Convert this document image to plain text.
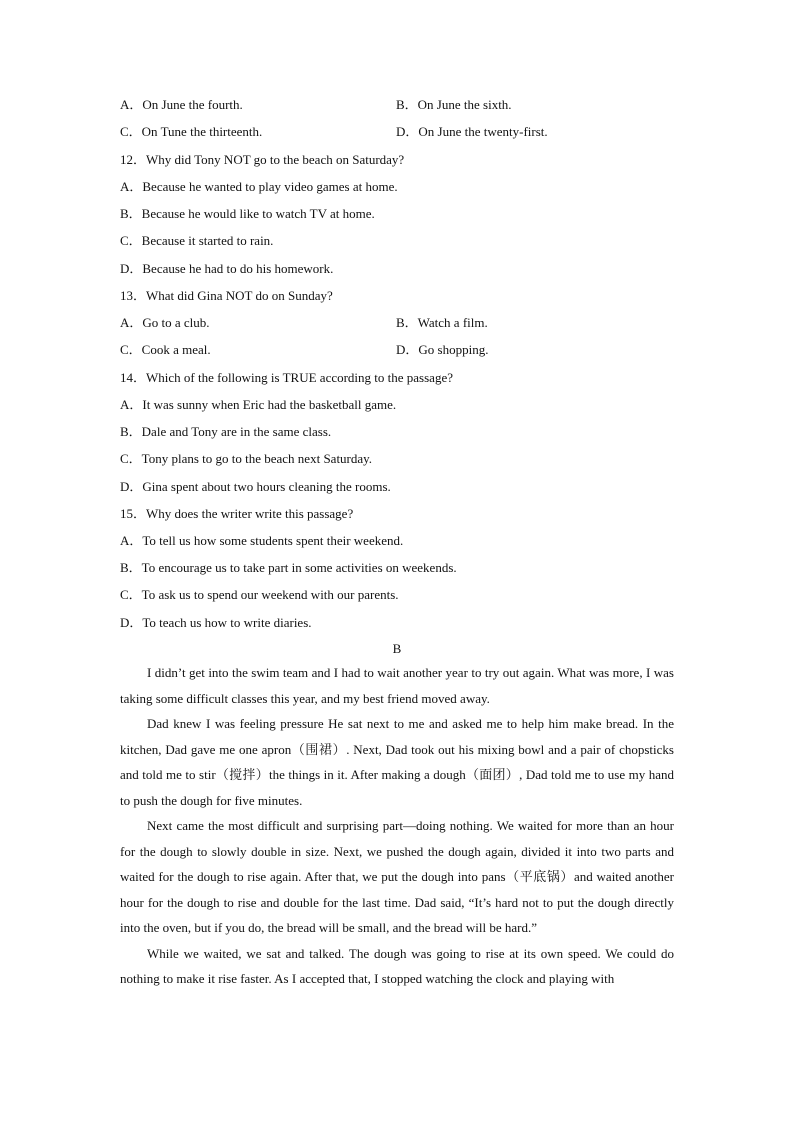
A．On June the fourth.	B．On June the sixth.
C．On Tune the thirteenth.	D．On June the twenty-first.
12．Why did Tony NOT go to the beach on Saturday?
A．Because he wanted to play video games at home.
B．Because he would like to watch TV at home.
C．Because it started to rain.
D．Because he had to do his homework.
13．What did Gina NOT do on Sunday?
A．Go to a club.	B．Watch a film.
C．Cook a meal.	D．Go shopping.
14．Which of the following is TRUE according to the passage?
A．It was sunny when Eric had the basketball game.
B．Dale and Tony are in the same class.
C．Tony plans to go to the beach next Saturday.
D．Gina spent about two hours cleaning the rooms.
15．Why does the writer write this passage?
A．To tell us how some students spent their weekend.
B．To encourage us to take part in some activities on weekends.
C．To ask us to spend our weekend with our parents.
D．To teach us how to write diaries.
B

I didn’t get into the swim team and I had to wait another year to try out again. What was more, I was taking some difficult classes this year, and my best friend moved away.

Dad knew I was feeling pressure He sat next to me and asked me to help him make bread. In the kitchen, Dad gave me one apron（围裙）. Next, Dad took out his mixing bowl and a pair of chopsticks and told me to stir（搅拌）the things in it. After making a dough（面团）, Dad told me to use my hand to push the dough for five minutes.

Next came the most difficult and surprising part—doing nothing. We waited for more than an hour for the dough to slowly double in size. Next, we pushed the dough again, divided it into two parts and waited for the dough to rise again. After that, we put the dough into pans（平底锅）and waited another hour for the dough to rise and double for the last time. Dad said, “It’s hard not to put the dough directly into the oven, but if you do, the bread will be small, and the bread will be hard.”

While we waited, we sat and talked. The dough was going to rise at its own speed. We could do nothing to make it rise faster. As I accepted that, I stopped watching the clock and playing with
